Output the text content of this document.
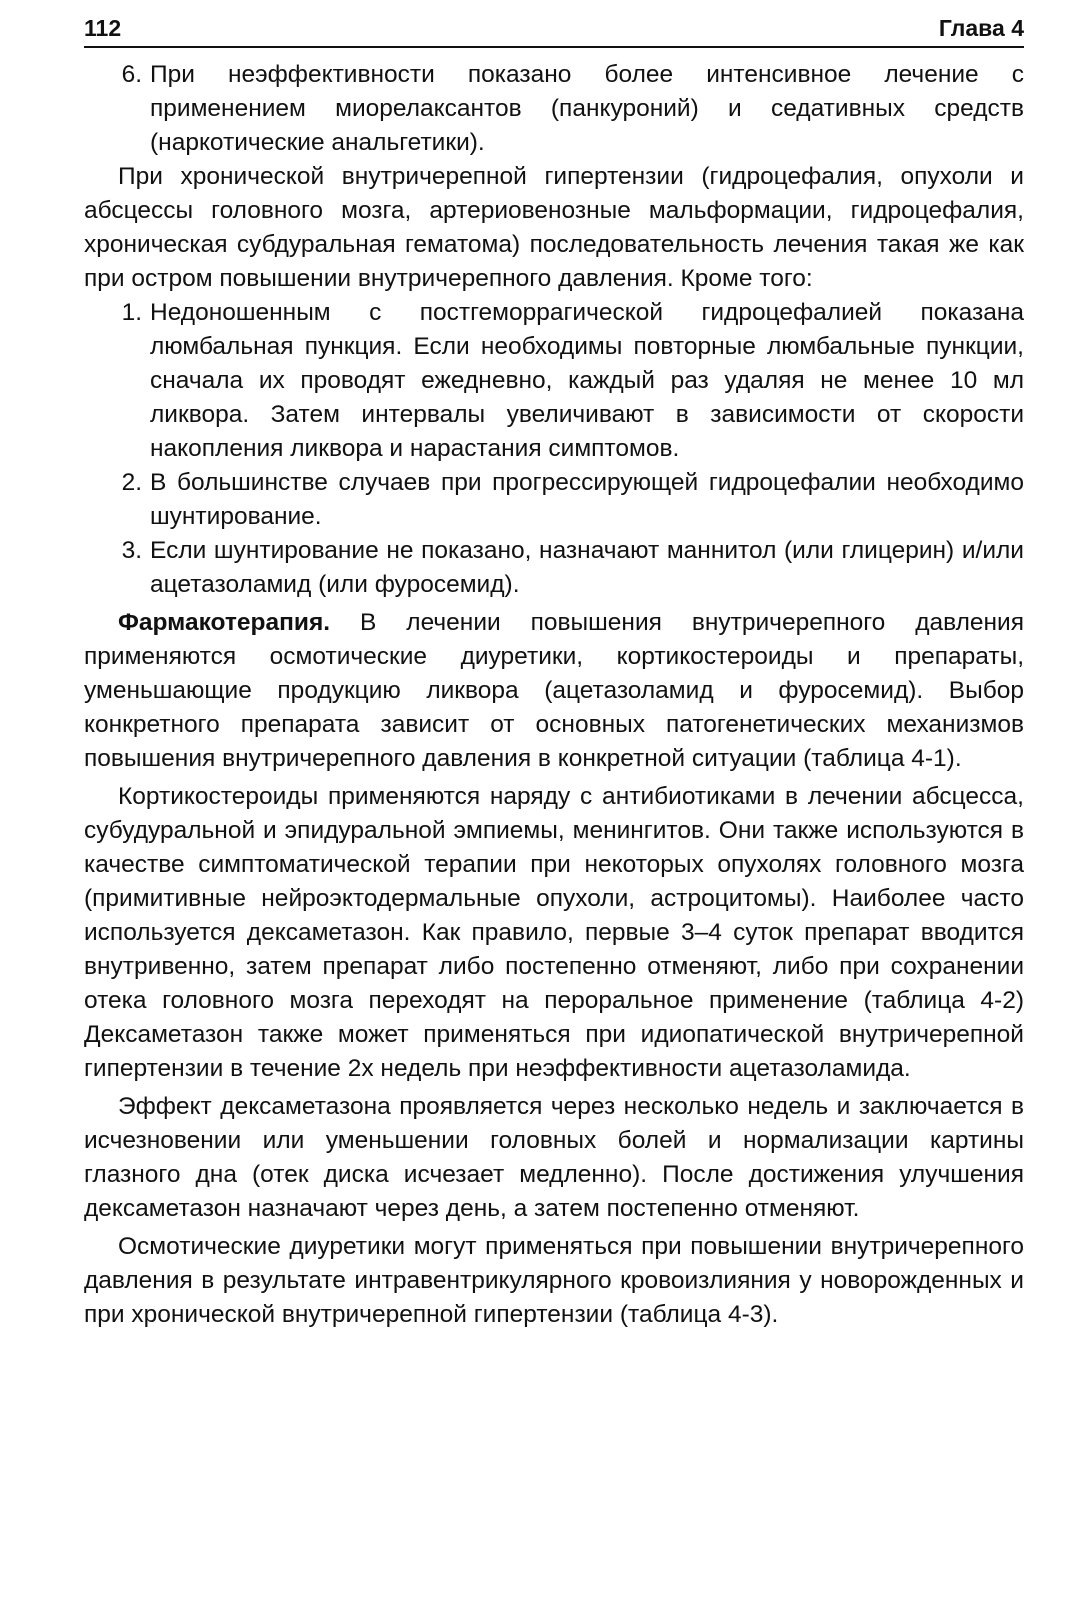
112	Глава 4
6. При неэффективности показано более интенсивное лечение с применением миорелаксантов (панкуроний) и седативных средств (наркотические анальгетики).

При хронической внутричерепной гипертензии (гидроцефалия, опухоли и абсцессы головного мозга, артериовенозные мальформации, гидроцефалия, хроническая субдуральная гематома) последовательность лечения такая же как при остром повышении внутричерепного давления. Кроме того:

1. Недоношенным с постгеморрагической гидроцефалией показана люмбальная пункция. Если необходимы повторные люмбальные пункции, сначала их проводят ежедневно, каждый раз удаляя не менее 10 мл ликвора. Затем интервалы увеличивают в зависимости от скорости накопления ликвора и нарастания симптомов.
2. В большинстве случаев при прогрессирующей гидроцефалии необходимо шунтирование.
3. Если шунтирование не показано, назначают маннитол (или глицерин) и/или ацетазоламид (или фуросемид).

Фармакотерапия. В лечении повышения внутричерепного давления применяются осмотические диуретики, кортикостероиды и препараты, уменьшающие продукцию ликвора (ацетазоламид и фуросемид). Выбор конкретного препарата зависит от основных патогенетических механизмов повышения внутричерепного давления в конкретной ситуации (таблица 4-1).

Кортикостероиды применяются наряду с антибиотиками в лечении абсцесса, субудуральной и эпидуральной эмпиемы, менингитов. Они также используются в качестве симптоматической терапии при некоторых опухолях головного мозга (примитивные нейроэктодермальные опухоли, астроцитомы). Наиболее часто используется дексаметазон. Как правило, первые 3–4 суток препарат вводится внутривенно, затем препарат либо постепенно отменяют, либо при сохранении отека головного мозга переходят на пероральное применение (таблица 4-2) Дексаметазон также может применяться при идиопатической внутричерепной гипертензии в течение 2х недель при неэффективности ацетазоламида.

Эффект дексаметазона проявляется через несколько недель и заключается в исчезновении или уменьшении головных болей и нормализации картины глазного дна (отек диска исчезает медленно). После достижения улучшения дексаметазон назначают через день, а затем постепенно отменяют.

Осмотические диуретики могут применяться при повышении внутричерепного давления в результате интравентрикулярного кровоизлияния у новорожденных и при хронической внутричерепной гипертензии (таблица 4-3).
